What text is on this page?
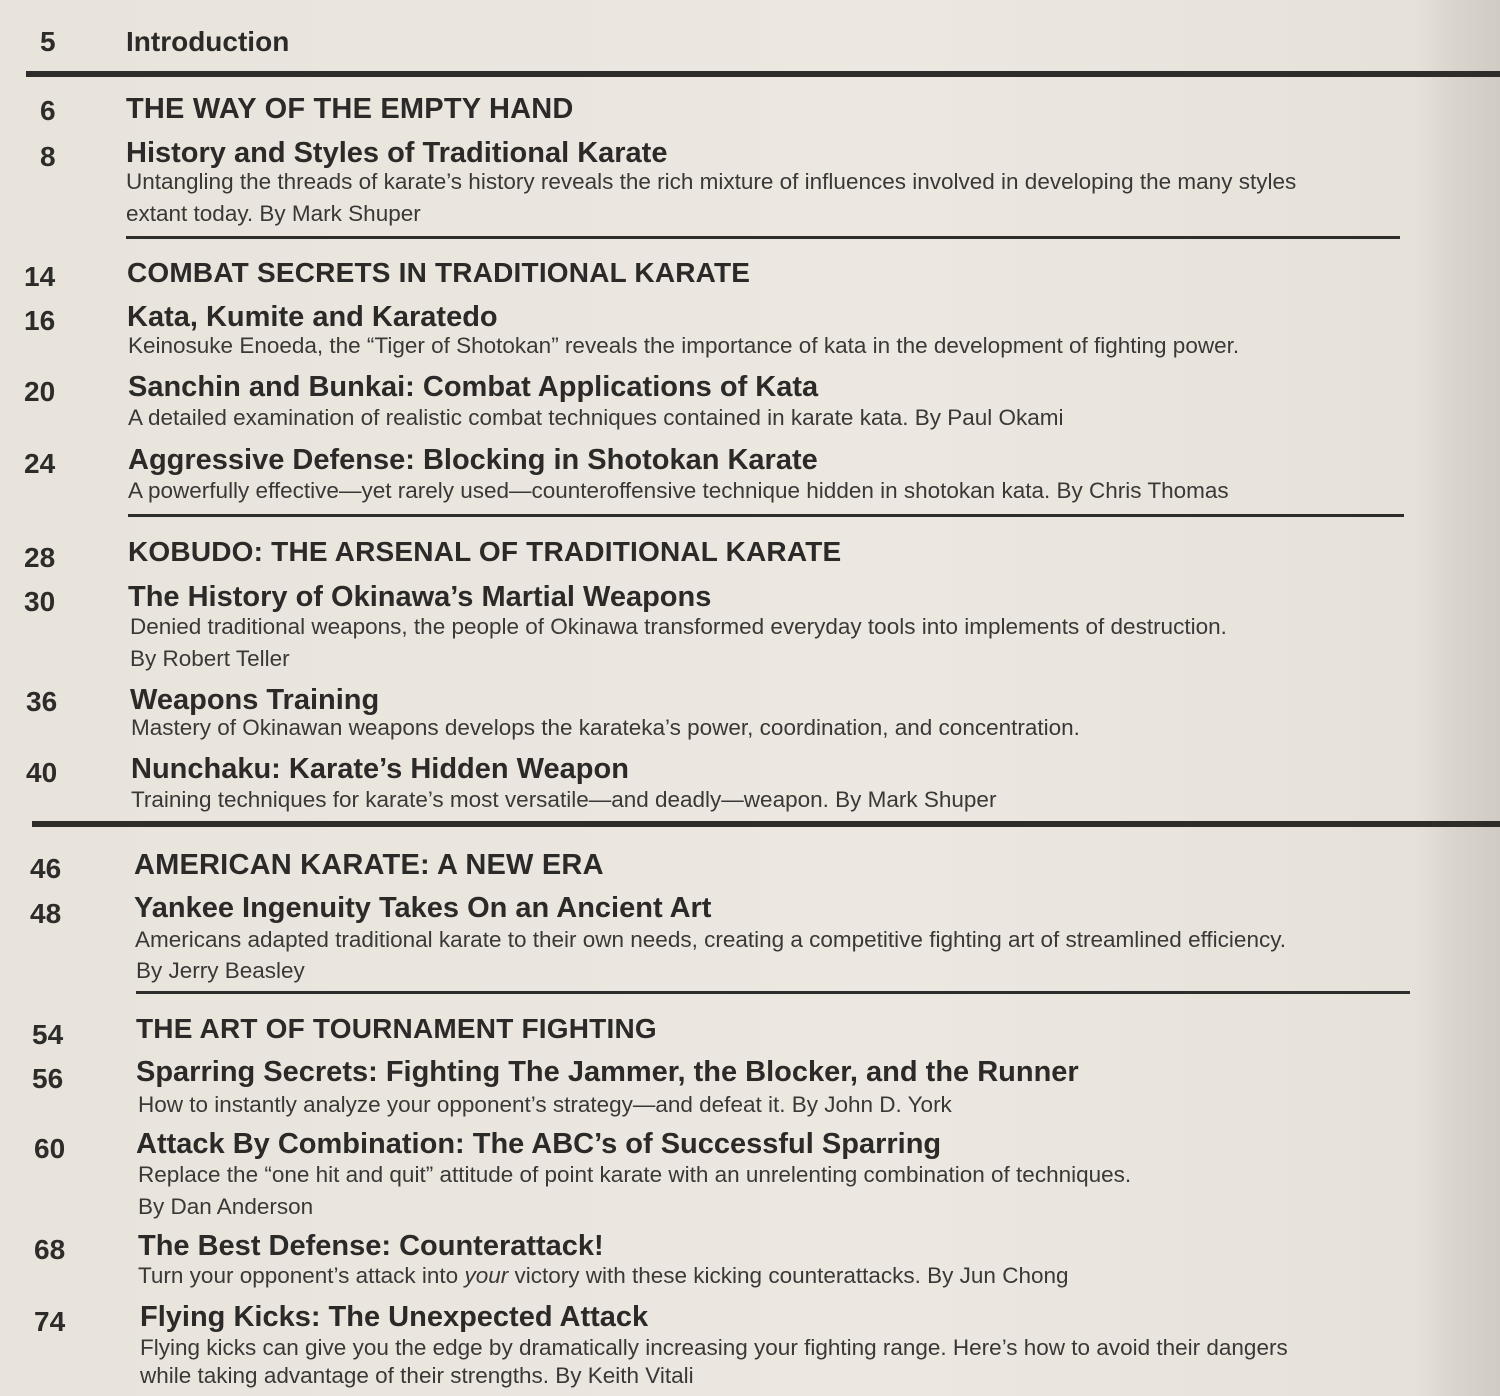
5	Introduction
6 THE WAY OF THE EMPTY HAND
8 History and Styles of Traditional Karate
Untangling the threads of karate’s history reveals the rich mixture of influences involved in developing the many styles
extant today. By Mark Shuper
14	COMBAT SECRETS IN TRADITIONAL KARATE
16 Kata, Kumite and Karatedo
Keinosuke Enoeda, the “Tiger of Shotokan” reveals the importance of kata in the development of fighting power.
20	Sanchin and Bunkai: Combat Applications of Kata
A detailed examination of realistic combat techniques contained in karate kata. By Paul Okami
24	Aggressive Defense: Blocking in Shotokan Karate
A powerfully effective—yet rarely used—counteroffensive technique hidden in shotokan kata. By Chris Thomas
28	KOBUDO: THE ARSENAL OF TRADITIONAL KARATE
30	The History of Okinawa’s Martial Weapons
Denied traditional weapons, the people of Okinawa transformed everyday tools into implements of destruction.
By Robert Teller
36	Weapons Training
Mastery of Okinawan weapons develops the karateka’s power, coordination, and concentration.
40	Nunchaku: Karate’s Hidden Weapon
Training techniques for karate’s most versatile—and deadly—weapon. By Mark Shuper
46	AMERICAN KARATE: A NEW ERA
48	Yankee Ingenuity Takes On an Ancient Art
Americans adapted traditional karate to their own needs, creating a competitive fighting art of streamlined efficiency.
By Jerry Beasley
54	THE ART OF TOURNAMENT FIGHTING
56	Sparring Secrets: Fighting The Jammer, the Blocker, and the Runner
How to instantly analyze your opponent’s strategy—and defeat it. By John D. York
60 Attack By Combination: The ABC’s of Successful Sparring
Replace the “one hit and quit” attitude of point karate with an unrelenting combination of techniques.
By Dan Anderson
68	The Best Defense: Counterattack!
Turn your opponent’s attack into your victory with these kicking counterattacks. By Jun Chong
74	Flying Kicks: The Unexpected Attack
Flying kicks can give you the edge by dramatically increasing your fighting range. Here’s how to avoid their dangers
while taking advantage of their strengths. By Keith Vitali
